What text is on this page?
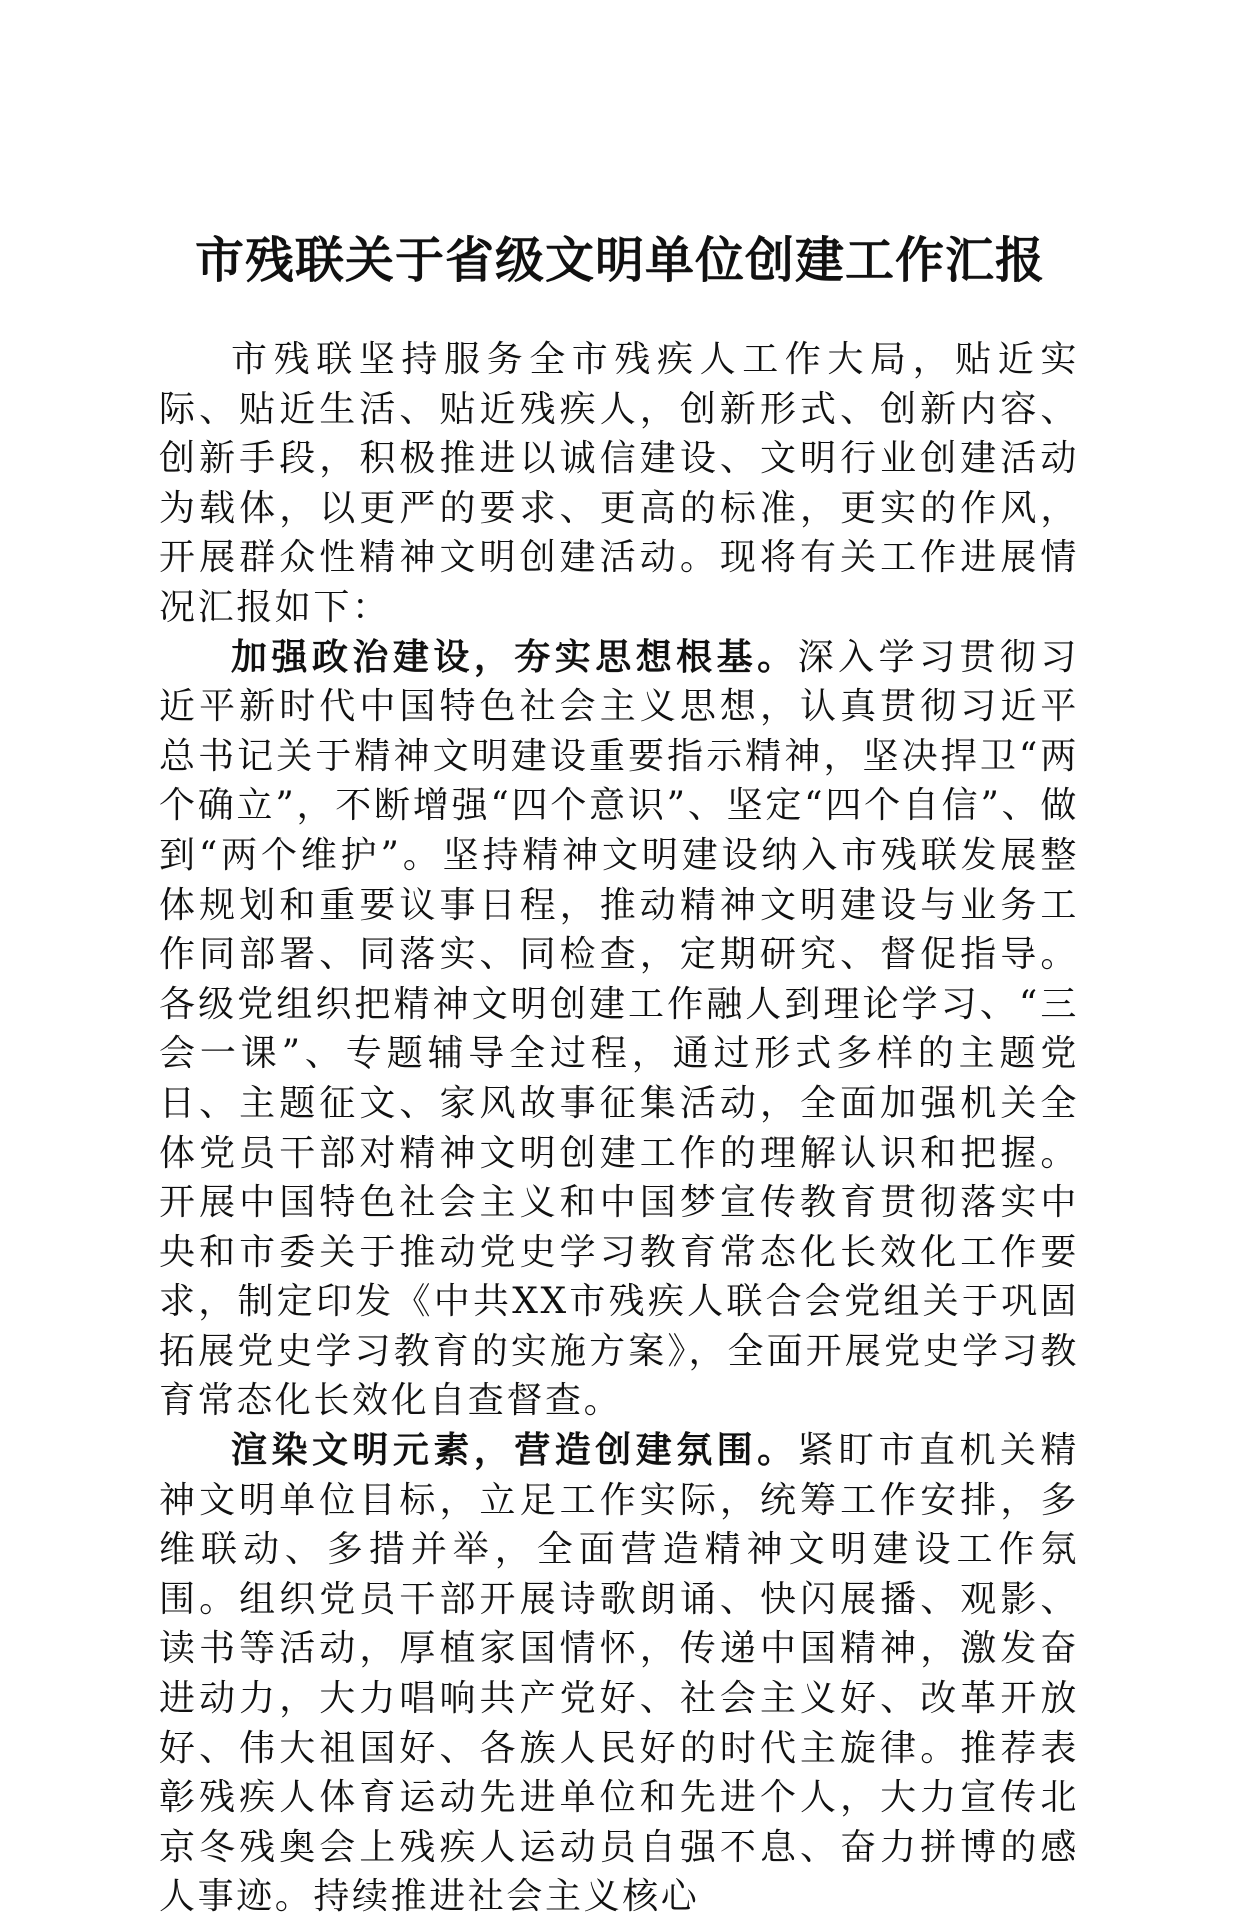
市残联关于省级文明单位创建工作汇报

市残联坚持服务全市残疾人工作大局，贴近实际、贴近生活、贴近残疾人，创新形式、创新内容、创新手段，积极推进以诚信建设、文明行业创建活动为载体，以更严的要求、更高的标准，更实的作风，开展群众性精神文明创建活动。现将有关工作进展情况汇报如下：

加强政治建设，夯实思想根基。深入学习贯彻习近平新时代中国特色社会主义思想，认真贯彻习近平总书记关于精神文明建设重要指示精神，坚决捍卫“两个确立”，不断增强“四个意识”、坚定“四个自信”、做到“两个维护”。坚持精神文明建设纳入市残联发展整体规划和重要议事日程，推动精神文明建设与业务工作同部署、同落实、同检查，定期研究、督促指导。各级党组织把精神文明创建工作融人到理论学习、“三会一课”、专题辅导全过程，通过形式多样的主题党日、主题征文、家风故事征集活动，全面加强机关全体党员干部对精神文明创建工作的理解认识和把握。开展中国特色社会主义和中国梦宣传教育贯彻落实中央和市委关于推动党史学习教育常态化长效化工作要求，制定印发《中共XX市残疾人联合会党组关于巩固拓展党史学习教育的实施方案》，全面开展党史学习教育常态化长效化自查督查。

渲染文明元素，营造创建氛围。紧盯市直机关精神文明单位目标，立足工作实际，统筹工作安排，多维联动、多措并举，全面营造精神文明建设工作氛围。组织党员干部开展诗歌朗诵、快闪展播、观影、读书等活动，厚植家国情怀，传递中国精神，激发奋进动力，大力唱响共产党好、社会主义好、改革开放好、伟大祖国好、各族人民好的时代主旋律。推荐表彰残疾人体育运动先进单位和先进个人，大力宣传北京冬残奥会上残疾人运动员自强不息、奋力拼博的感人事迹。持续推进社会主义核心
